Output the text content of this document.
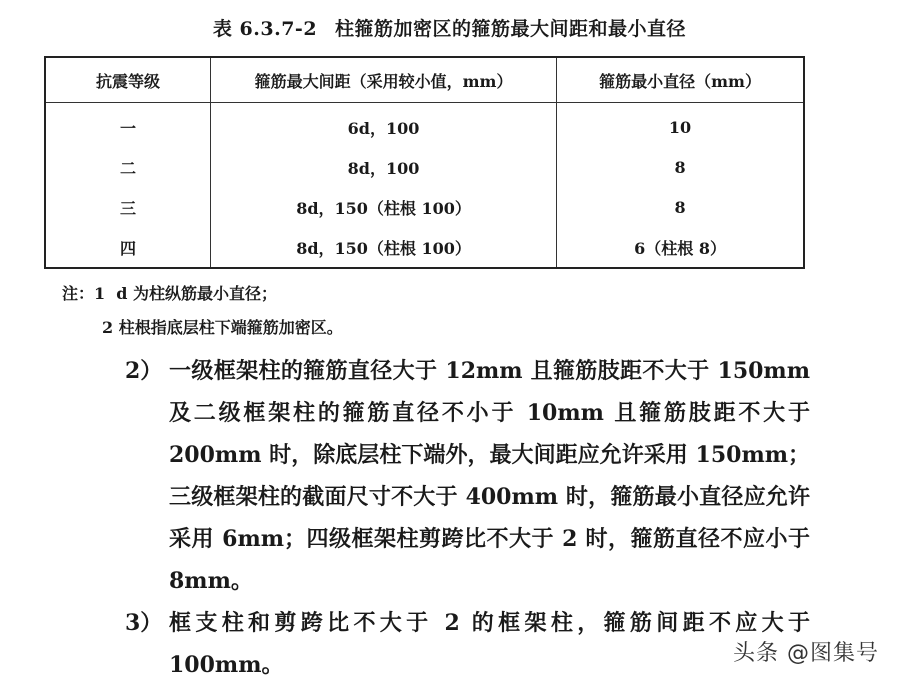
表 6.3.7-2 柱箍筋加密区的箍筋最大间距和最小直径
抗震等级	箍筋最大间距（采用较小值，mm）	箍筋最小直径（mm）
一	6d，100	10
二	8d，100	8
三	8d，150（柱根 100）	8
四	8d，150（柱根 100）	6（柱根 8）
注：1 d 为柱纵筋最小直径；
2 柱根指底层柱下端箍筋加密区。
2） 一级框架柱的箍筋直径大于 12mm 且箍筋肢距不大于 150mm 及二级框架柱的箍筋直径不小于 10mm 且箍筋肢距不大于 200mm 时，除底层柱下端外，最大间距应允许采用 150mm；三级框架柱的截面尺寸不大于 400mm 时，箍筋最小直径应允许采用 6mm；四级框架柱剪跨比不大于 2 时，箍筋直径不应小于 8mm。
3） 框支柱和剪跨比不大于 2 的框架柱，箍筋间距不应大于 100mm。	头条 @图集号
